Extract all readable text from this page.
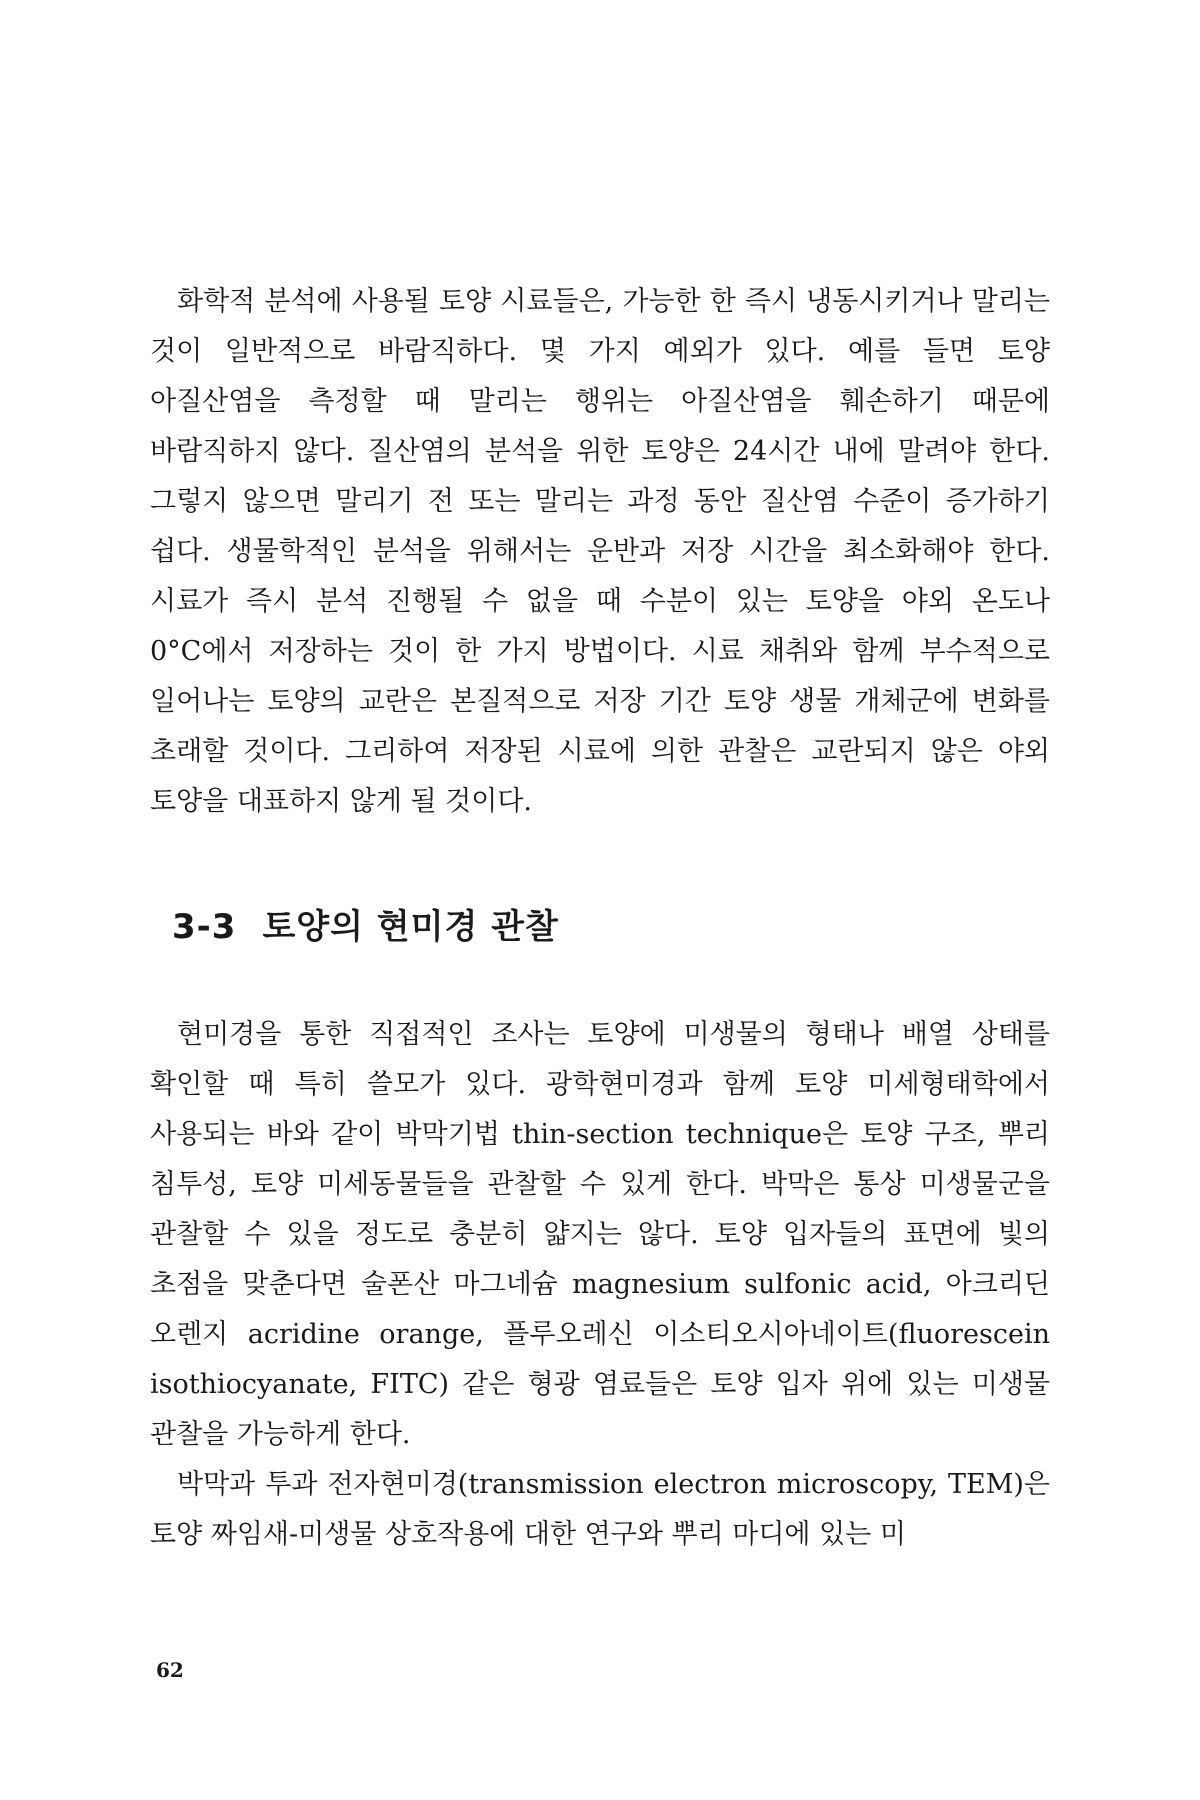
화학적 분석에 사용될 토양 시료들은, 가능한 한 즉시 냉동시키거나 말리는 것이 일반적으로 바람직하다. 몇 가지 예외가 있다. 예를 들면 토양 아질산염을 측정할 때 말리는 행위는 아질산염을 훼손하기 때문에 바람직하지 않다. 질산염의 분석을 위한 토양은 24시간 내에 말려야 한다. 그렇지 않으면 말리기 전 또는 말리는 과정 동안 질산염 수준이 증가하기 쉽다. 생물학적인 분석을 위해서는 운반과 저장 시간을 최소화해야 한다. 시료가 즉시 분석 진행될 수 없을 때 수분이 있는 토양을 야외 온도나 0°C에서 저장하는 것이 한 가지 방법이다. 시료 채취와 함께 부수적으로 일어나는 토양의 교란은 본질적으로 저장 기간 토양 생물 개체군에 변화를 초래할 것이다. 그리하여 저장된 시료에 의한 관찰은 교란되지 않은 야외 토양을 대표하지 않게 될 것이다.

3-3 토양의 현미경 관찰

현미경을 통한 직접적인 조사는 토양에 미생물의 형태나 배열 상태를 확인할 때 특히 쓸모가 있다. 광학현미경과 함께 토양 미세형태학에서 사용되는 바와 같이 박막기법 thin-section technique은 토양 구조, 뿌리 침투성, 토양 미세동물들을 관찰할 수 있게 한다. 박막은 통상 미생물군을 관찰할 수 있을 정도로 충분히 얇지는 않다. 토양 입자들의 표면에 빛의 초점을 맞춘다면 술폰산 마그네슘 magnesium sulfonic acid, 아크리딘 오렌지 acridine orange, 플루오레신 이소티오시아네이트(fluorescein isothiocyanate, FITC) 같은 형광 염료들은 토양 입자 위에 있는 미생물 관찰을 가능하게 한다.

박막과 투과 전자현미경(transmission electron microscopy, TEM)은 토양 짜임새-미생물 상호작용에 대한 연구와 뿌리 마디에 있는 미

62
